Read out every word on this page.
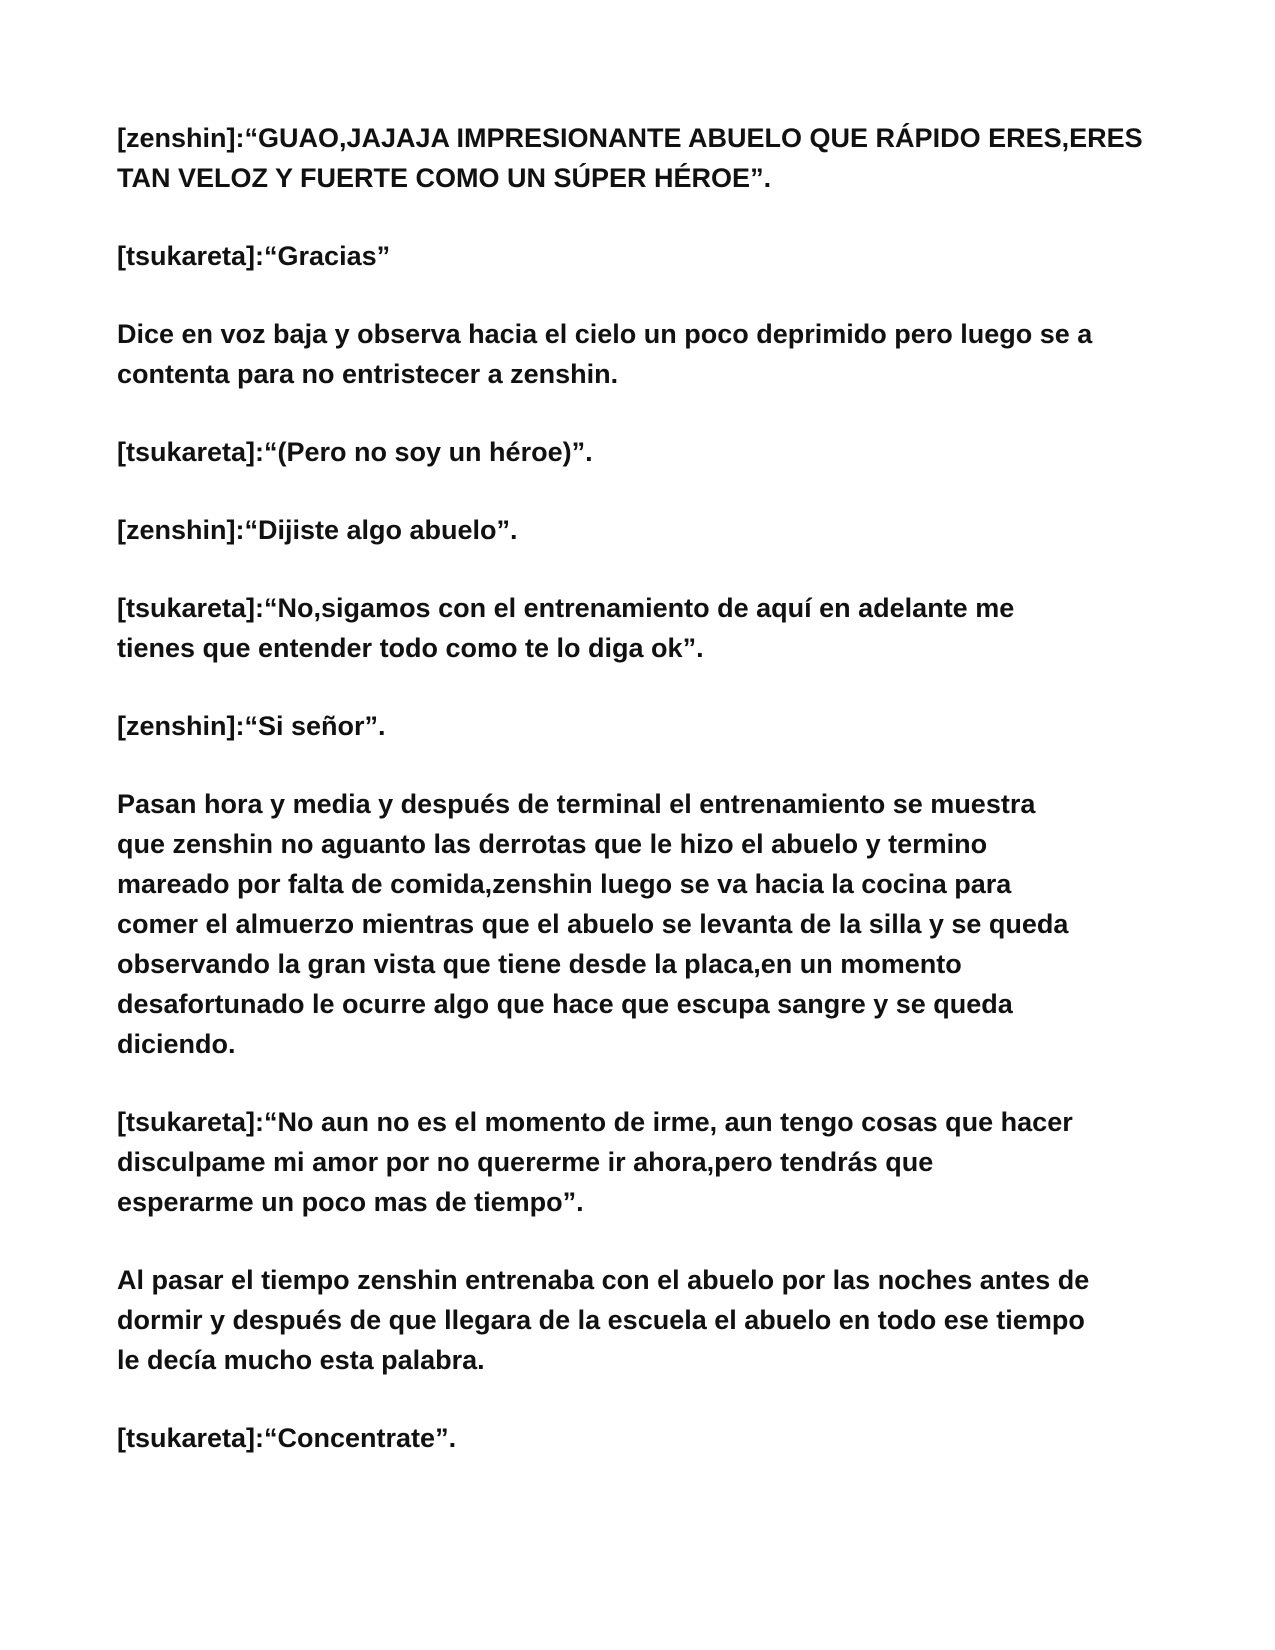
[zenshin]:“GUAO,JAJAJA IMPRESIONANTE ABUELO QUE RÁPIDO ERES,ERES
TAN VELOZ Y FUERTE COMO UN SÚPER HÉROE”.

[tsukareta]:“Gracias”

Dice en voz baja y observa hacia el cielo un poco deprimido pero luego se a
contenta para no entristecer a zenshin.

[tsukareta]:“(Pero no soy un héroe)”.

[zenshin]:“Dijiste algo abuelo”.

[tsukareta]:“No,sigamos con el entrenamiento de aquí en adelante me
tienes que entender todo como te lo diga ok”.

[zenshin]:“Si señor”.

Pasan hora y media y después de terminal el entrenamiento se muestra
que zenshin no aguanto las derrotas que le hizo el abuelo y termino
mareado por falta de comida,zenshin luego se va hacia la cocina para
comer el almuerzo mientras que el abuelo se levanta de la silla y se queda
observando la gran vista que tiene desde la placa,en un momento
desafortunado le ocurre algo que hace que escupa sangre y se queda
diciendo.

[tsukareta]:“No aun no es el momento de irme, aun tengo cosas que hacer
disculpame mi amor por no quererme ir ahora,pero tendrás que
esperarme un poco mas de tiempo”.

Al pasar el tiempo zenshin entrenaba con el abuelo por las noches antes de
dormir y después de que llegara de la escuela el abuelo en todo ese tiempo
le decía mucho esta palabra.

[tsukareta]:“Concentrate”.
